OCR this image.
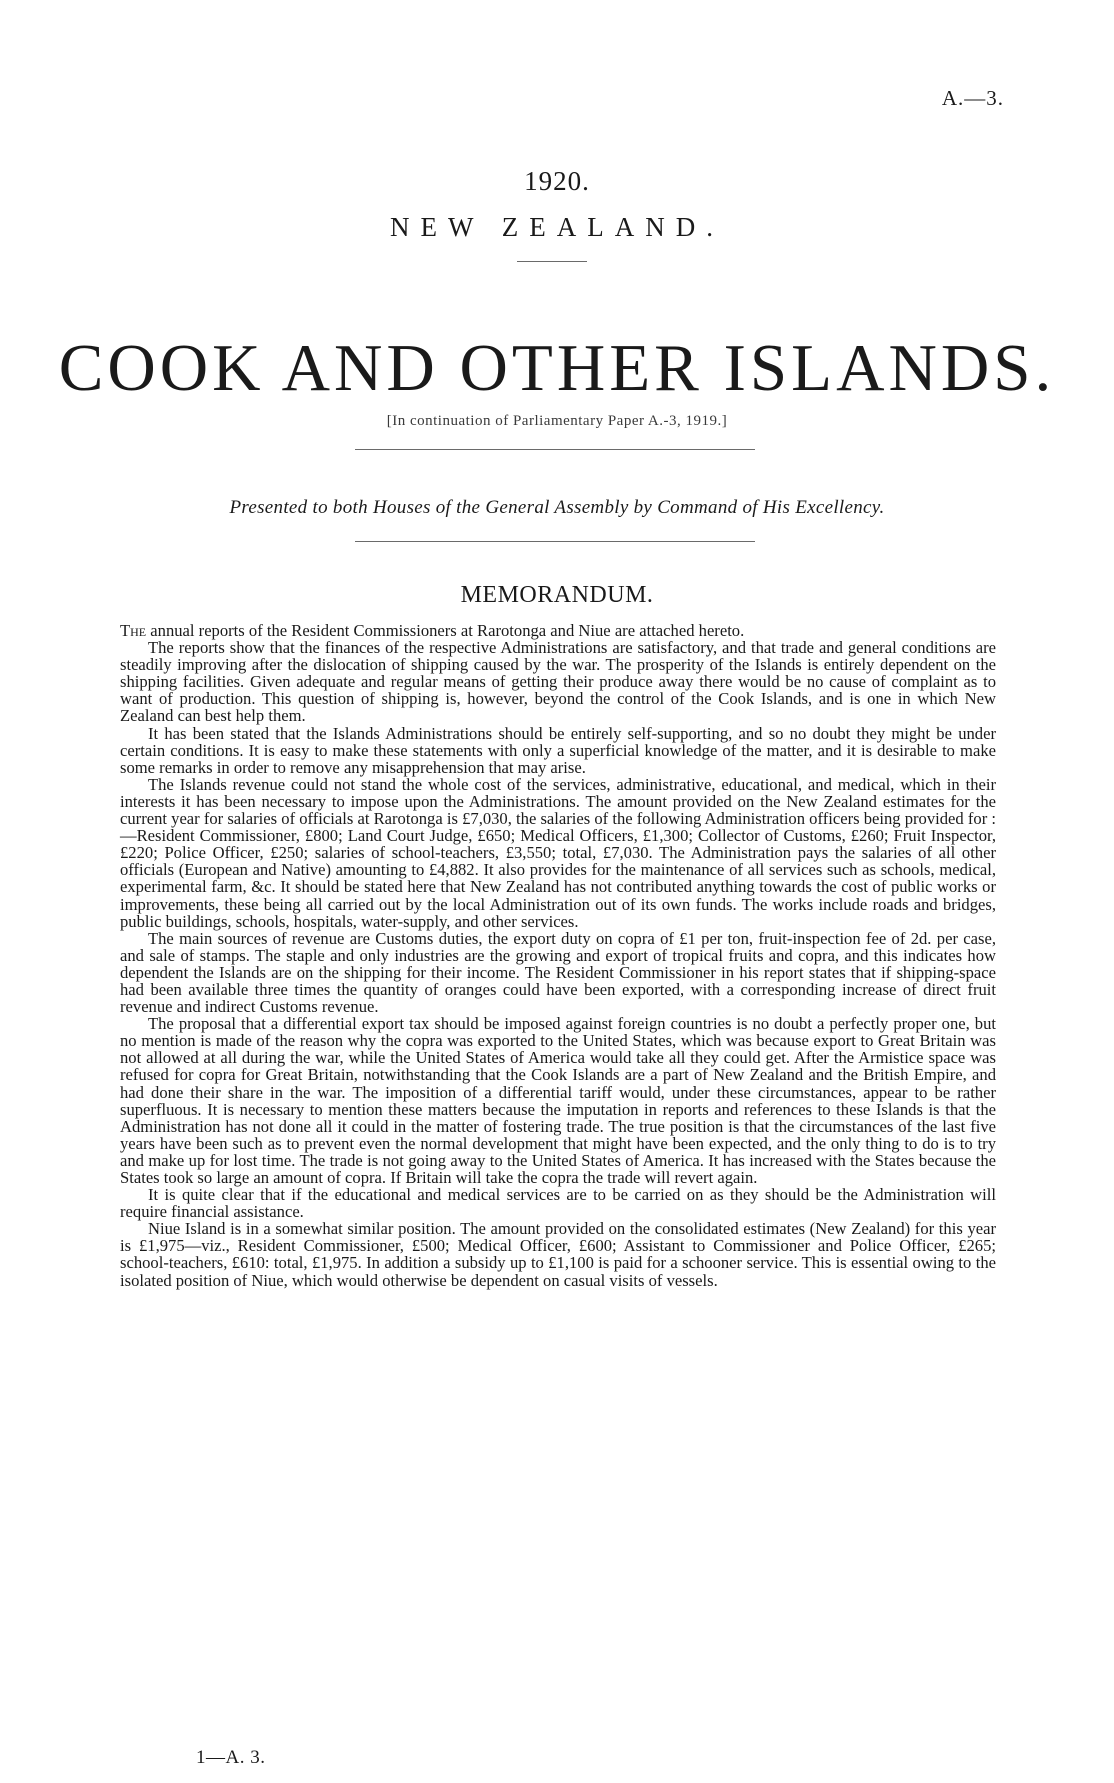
A.—3.
1920.
NEW ZEALAND.
COOK AND OTHER ISLANDS.
[In continuation of Parliamentary Paper A.-3, 1919.]
Presented to both Houses of the General Assembly by Command of His Excellency.
MEMORANDUM.

The annual reports of the Resident Commissioners at Rarotonga and Niue are attached hereto.

The reports show that the finances of the respective Administrations are satisfactory, and that trade and general conditions are steadily improving after the dislocation of shipping caused by the war. The prosperity of the Islands is entirely dependent on the shipping facilities. Given adequate and regular means of getting their produce away there would be no cause of complaint as to want of production. This question of shipping is, however, beyond the control of the Cook Islands, and is one in which New Zealand can best help them.

It has been stated that the Islands Administrations should be entirely self-supporting, and so no doubt they might be under certain conditions. It is easy to make these statements with only a superficial knowledge of the matter, and it is desirable to make some remarks in order to remove any misapprehension that may arise.

The Islands revenue could not stand the whole cost of the services, administrative, educational, and medical, which in their interests it has been necessary to impose upon the Administrations. The amount provided on the New Zealand estimates for the current year for salaries of officials at Rarotonga is £7,030, the salaries of the following Administration officers being provided for :—Resident Commissioner, £800; Land Court Judge, £650; Medical Officers, £1,300; Collector of Customs, £260; Fruit Inspector, £220; Police Officer, £250; salaries of school-teachers, £3,550; total, £7,030. The Administration pays the salaries of all other officials (European and Native) amounting to £4,882. It also provides for the maintenance of all services such as schools, medical, experimental farm, &c. It should be stated here that New Zealand has not contributed anything towards the cost of public works or improvements, these being all carried out by the local Administration out of its own funds. The works include roads and bridges, public buildings, schools, hospitals, water-supply, and other services.

The main sources of revenue are Customs duties, the export duty on copra of £1 per ton, fruit-inspection fee of 2d. per case, and sale of stamps. The staple and only industries are the growing and export of tropical fruits and copra, and this indicates how dependent the Islands are on the shipping for their income. The Resident Commissioner in his report states that if shipping-space had been available three times the quantity of oranges could have been exported, with a corresponding increase of direct fruit revenue and indirect Customs revenue.

The proposal that a differential export tax should be imposed against foreign countries is no doubt a perfectly proper one, but no mention is made of the reason why the copra was exported to the United States, which was because export to Great Britain was not allowed at all during the war, while the United States of America would take all they could get. After the Armistice space was refused for copra for Great Britain, notwithstanding that the Cook Islands are a part of New Zealand and the British Empire, and had done their share in the war. The imposition of a differential tariff would, under these circumstances, appear to be rather superfluous. It is necessary to mention these matters because the imputation in reports and references to these Islands is that the Administration has not done all it could in the matter of fostering trade. The true position is that the circumstances of the last five years have been such as to prevent even the normal development that might have been expected, and the only thing to do is to try and make up for lost time. The trade is not going away to the United States of America. It has increased with the States because the States took so large an amount of copra. If Britain will take the copra the trade will revert again.

It is quite clear that if the educational and medical services are to be carried on as they should be the Administration will require financial assistance.

Niue Island is in a somewhat similar position. The amount provided on the consolidated estimates (New Zealand) for this year is £1,975—viz., Resident Commissioner, £500; Medical Officer, £600; Assistant to Commissioner and Police Officer, £265; school-teachers, £610: total, £1,975. In addition a subsidy up to £1,100 is paid for a schooner service. This is essential owing to the isolated position of Niue, which would otherwise be dependent on casual visits of vessels.

1—A. 3.
